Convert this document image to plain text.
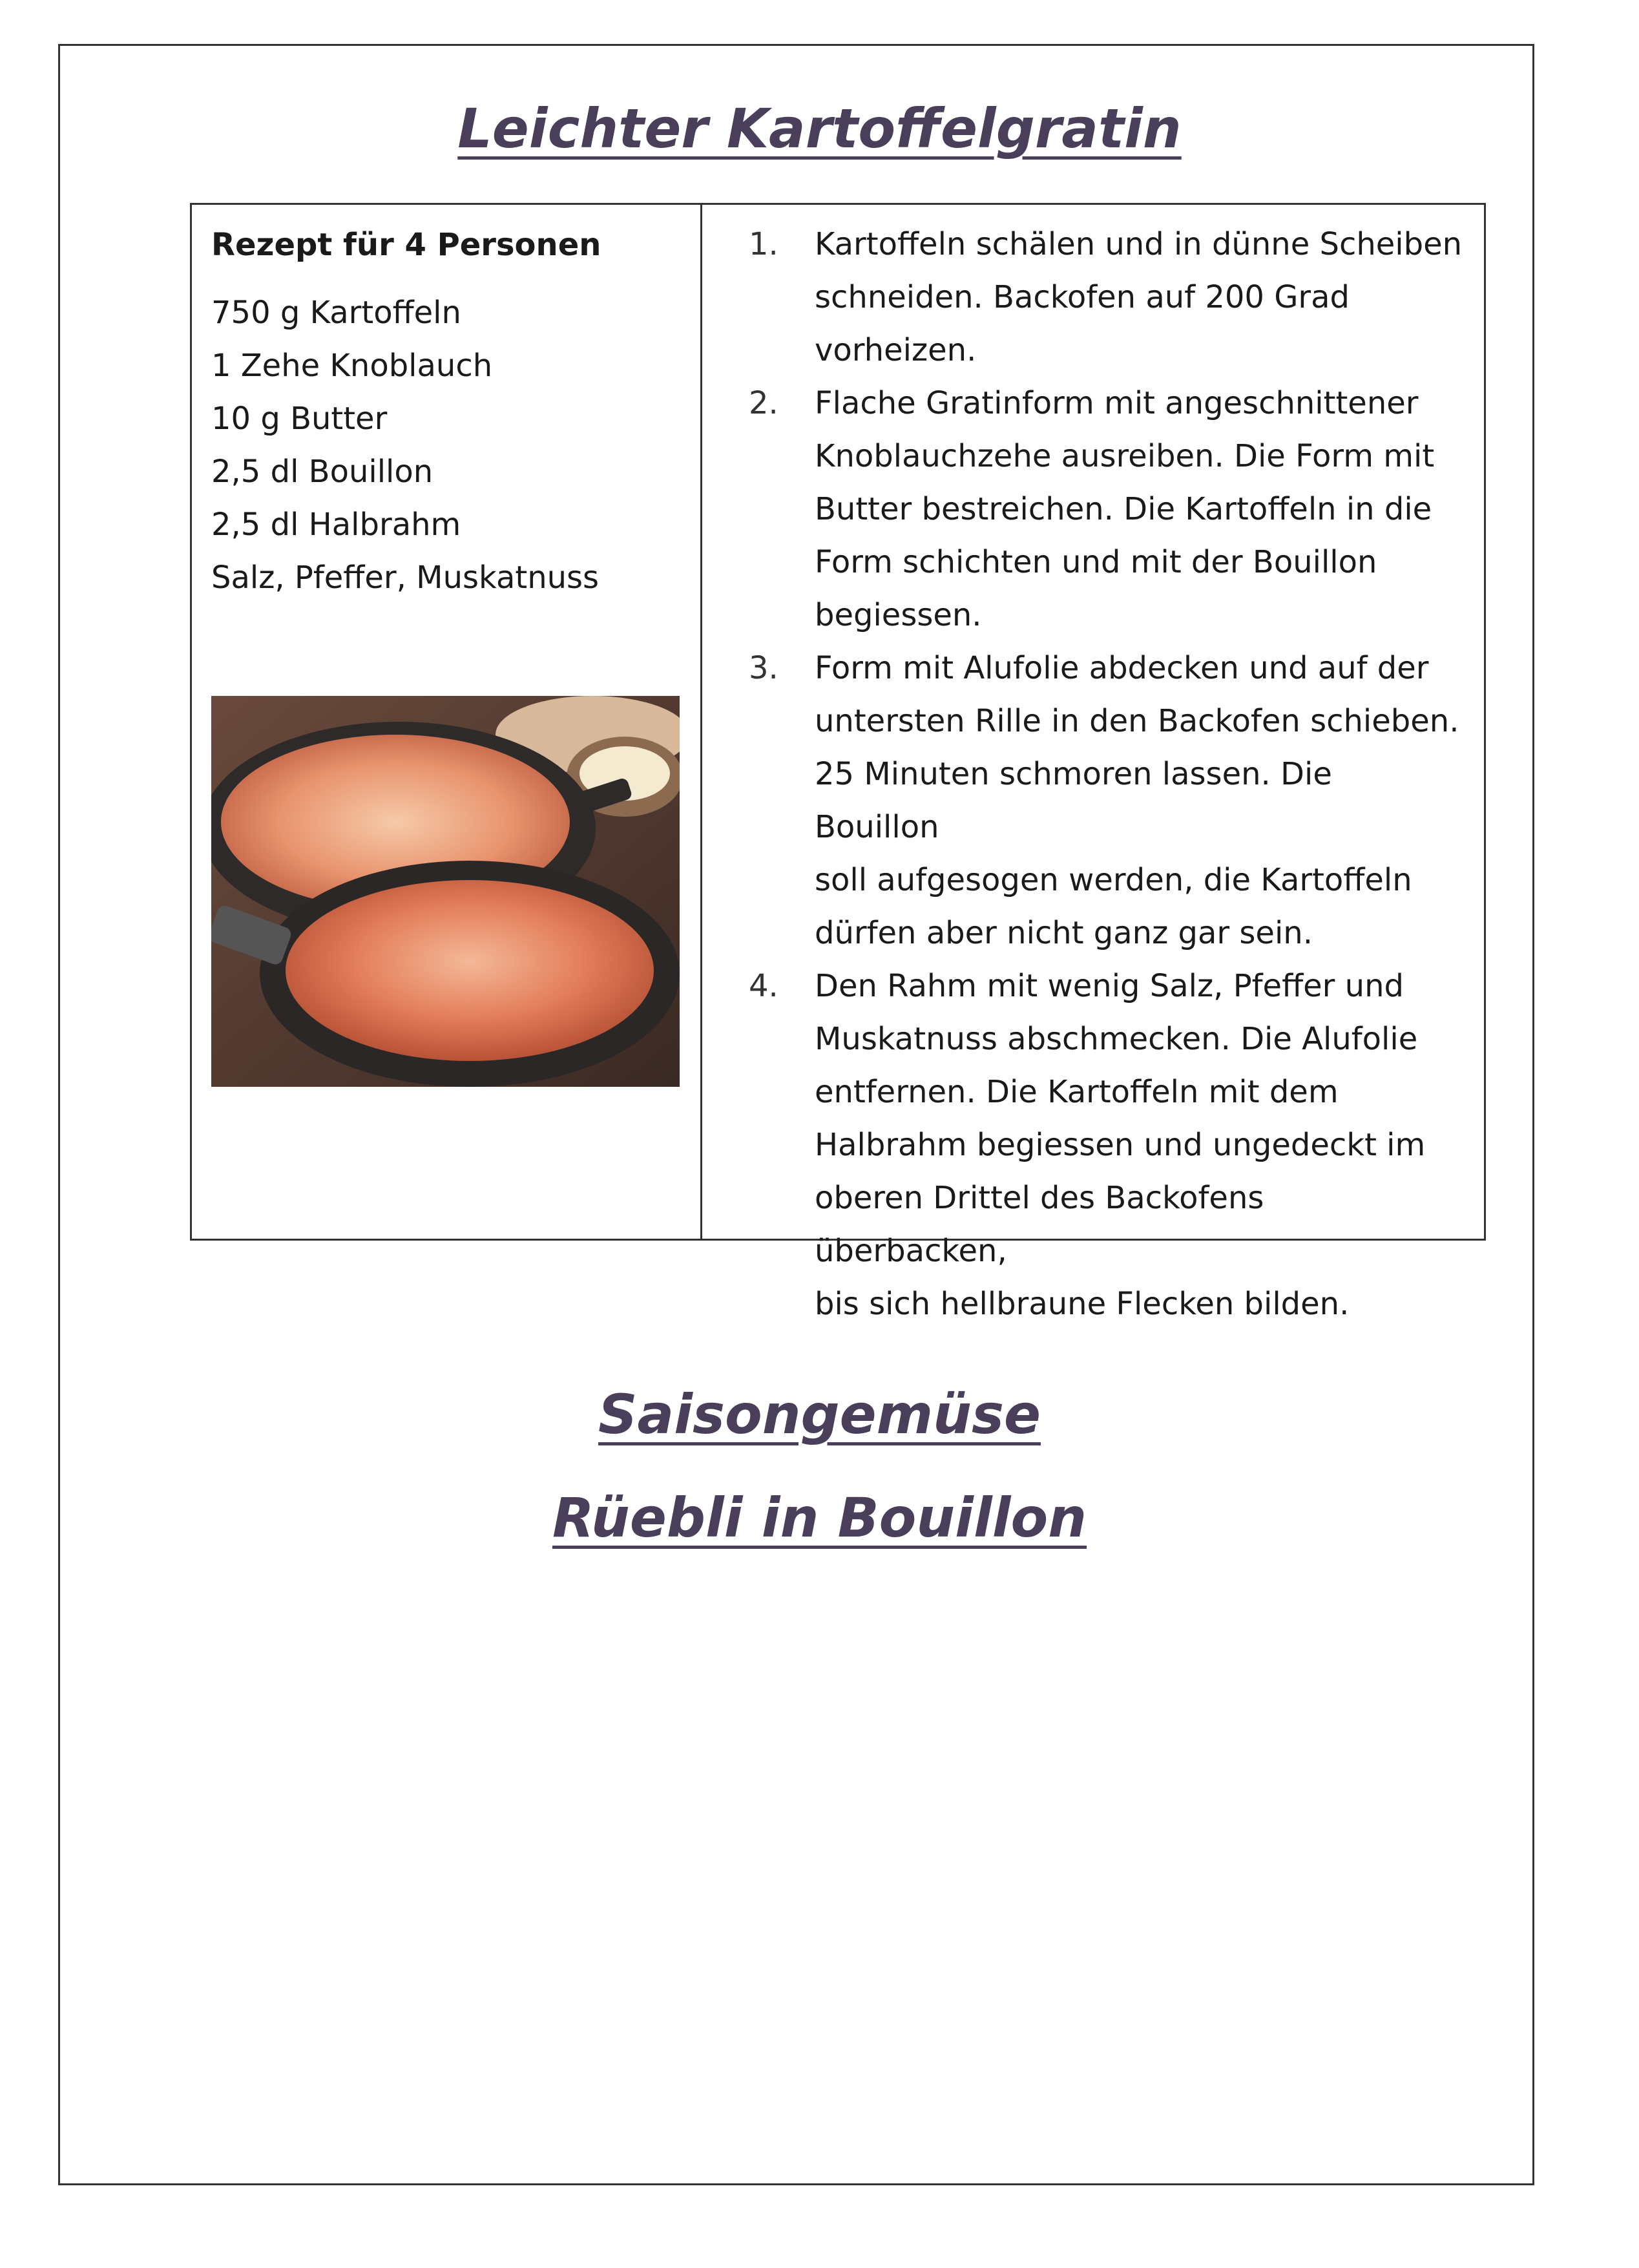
Leichter Kartoffelgratin
Rezept für 4 Personen
750 g Kartoffeln
1 Zehe Knoblauch
10 g Butter
2,5 dl Bouillon
2,5 dl Halbrahm
Salz, Pfeffer, Muskatnuss
1. Kartoffeln schälen und in dünne Scheiben
schneiden. Backofen auf 200 Grad
vorheizen.
2. Flache Gratinform mit angeschnittener
Knoblauchzehe ausreiben. Die Form mit
Butter bestreichen. Die Kartoffeln in die
Form schichten und mit der Bouillon
begiessen.
3. Form mit Alufolie abdecken und auf der
untersten Rille in den Backofen schieben.
25 Minuten schmoren lassen. Die Bouillon
soll aufgesogen werden, die Kartoffeln
dürfen aber nicht ganz gar sein.
4. Den Rahm mit wenig Salz, Pfeffer und
Muskatnuss abschmecken. Die Alufolie
entfernen. Die Kartoffeln mit dem
Halbrahm begiessen und ungedeckt im
oberen Drittel des Backofens überbacken,
bis sich hellbraune Flecken bilden.
Saisongemüse
Rüebli in Bouillon
